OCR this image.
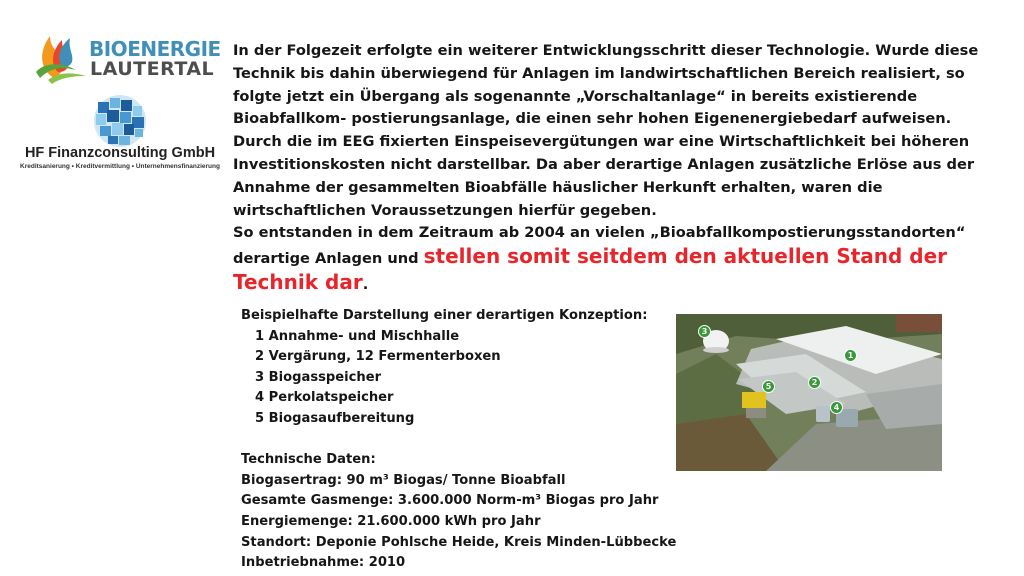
BIOENERGIE
LAUTERTAL
HF Finanzconsulting GmbH
Kreditsanierung • Kreditvermittlung • Unternehmensfinanzierung

In der Folgezeit erfolgte ein weiterer Entwicklungsschritt dieser Technologie. Wurde diese Technik bis dahin überwiegend für Anlagen im landwirtschaftlichen Bereich realisiert, so folgte jetzt ein Übergang als sogenannte „Vorschaltanlage“ in bereits existierende Bioabfallkom- postierungsanlage, die einen sehr hohen Eigenenergiebedarf aufweisen.

Durch die im EEG fixierten Einspeisevergütungen war eine Wirtschaftlichkeit bei höheren Investitionskosten nicht darstellbar. Da aber derartige Anlagen zusätzliche Erlöse aus der Annahme der gesammelten Bioabfälle häuslicher Herkunft erhalten, waren die wirtschaftlichen Voraussetzungen hierfür gegeben.

So entstanden in dem Zeitraum ab 2004 an vielen „Bioabfallkompostierungsstandorten“ derartige Anlagen und stellen somit seitdem den aktuellen Stand der Technik dar.

Beispielhafte Darstellung einer derartigen Konzeption:
1 Annahme- und Mischhalle
2 Vergärung, 12 Fermenterboxen
3 Biogasspeicher
4 Perkolatspeicher
5 Biogasaufbereitung
Technische Daten:
Biogasertrag: 90 m³ Biogas/ Tonne Bioabfall
Gesamte Gasmenge: 3.600.000 Norm-m³ Biogas pro Jahr
Energiemenge: 21.600.000 kWh pro Jahr
Standort: Deponie Pohlsche Heide, Kreis Minden-Lübbecke
Inbetriebnahme: 2010
1
2
3
4
5
